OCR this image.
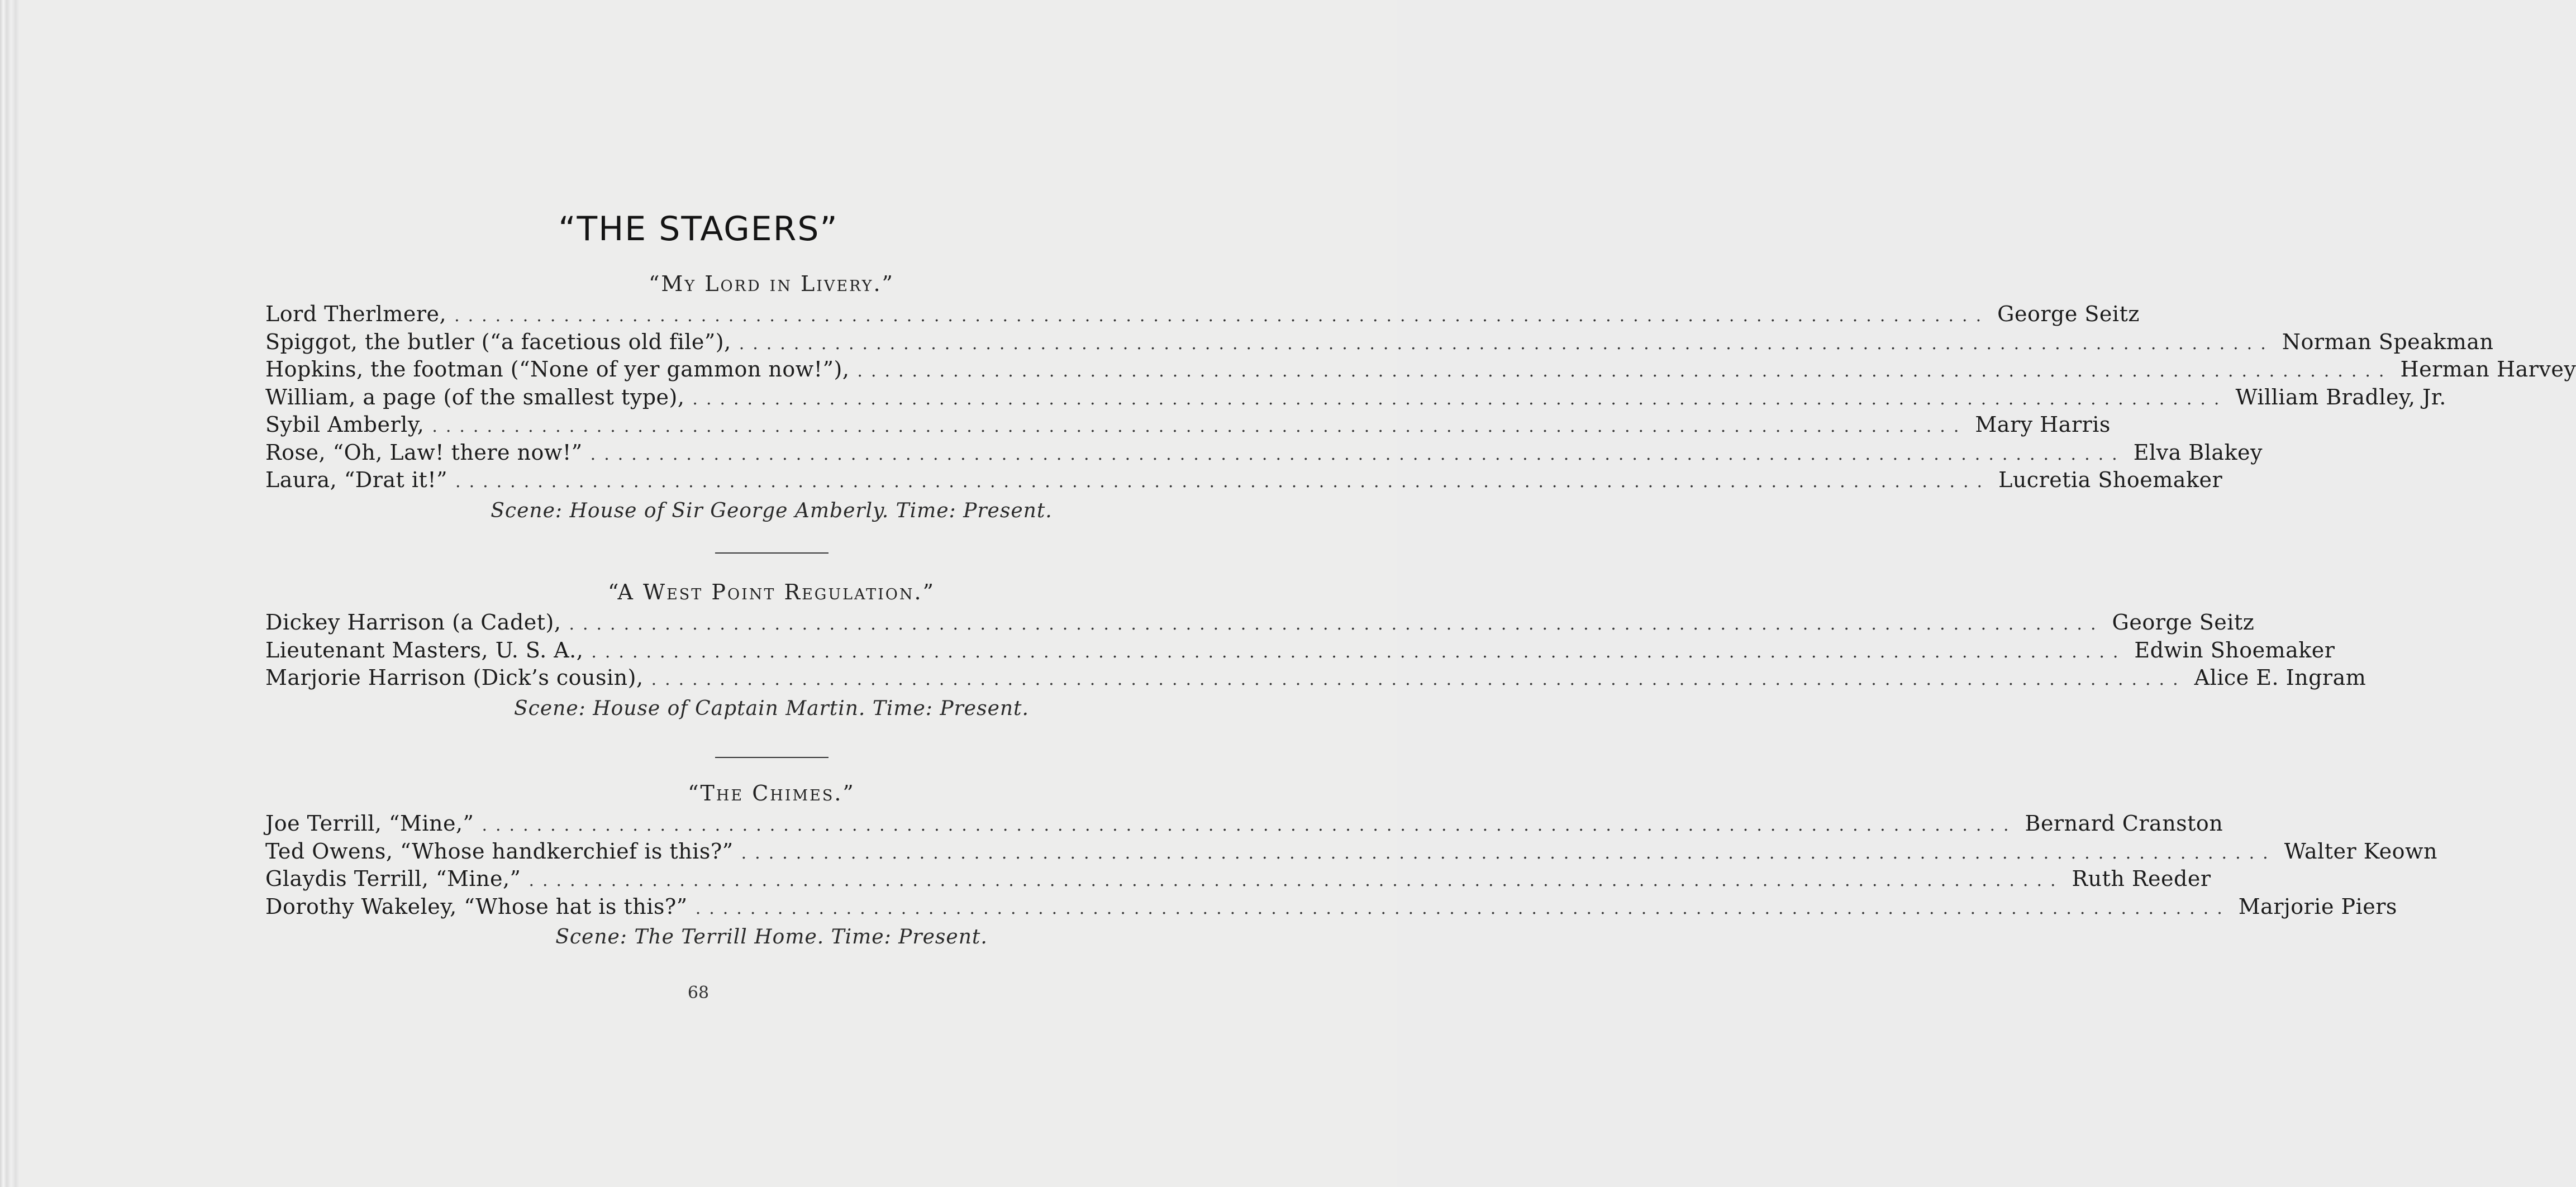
“THE STAGERS”
“My Lord in Livery.”
Lord Therlmere, ................................................................................................................ George Seitz
Spiggot, the butler (“a facetious old file”), ................................................................................................................ Norman Speakman
Hopkins, the footman (“None of yer gammon now!”), ................................................................................................................ Herman Harvey
William, a page (of the smallest type), ................................................................................................................ William Bradley, Jr.
Sybil Amberly, ................................................................................................................ Mary Harris
Rose, “Oh, Law! there now!” ................................................................................................................ Elva Blakey
Laura, “Drat it!” ................................................................................................................ Lucretia Shoemaker
Scene: House of Sir George Amberly. Time: Present.
“A West Point Regulation.”
Dickey Harrison (a Cadet), ................................................................................................................ George Seitz
Lieutenant Masters, U. S. A., ................................................................................................................ Edwin Shoemaker
Marjorie Harrison (Dick’s cousin), ................................................................................................................ Alice E. Ingram
Scene: House of Captain Martin. Time: Present.
“The Chimes.”
Joe Terrill, “Mine,” ................................................................................................................ Bernard Cranston
Ted Owens, “Whose handkerchief is this?” ................................................................................................................ Walter Keown
Glaydis Terrill, “Mine,” ................................................................................................................ Ruth Reeder
Dorothy Wakeley, “Whose hat is this?” ................................................................................................................ Marjorie Piers
Scene: The Terrill Home. Time: Present.
68
